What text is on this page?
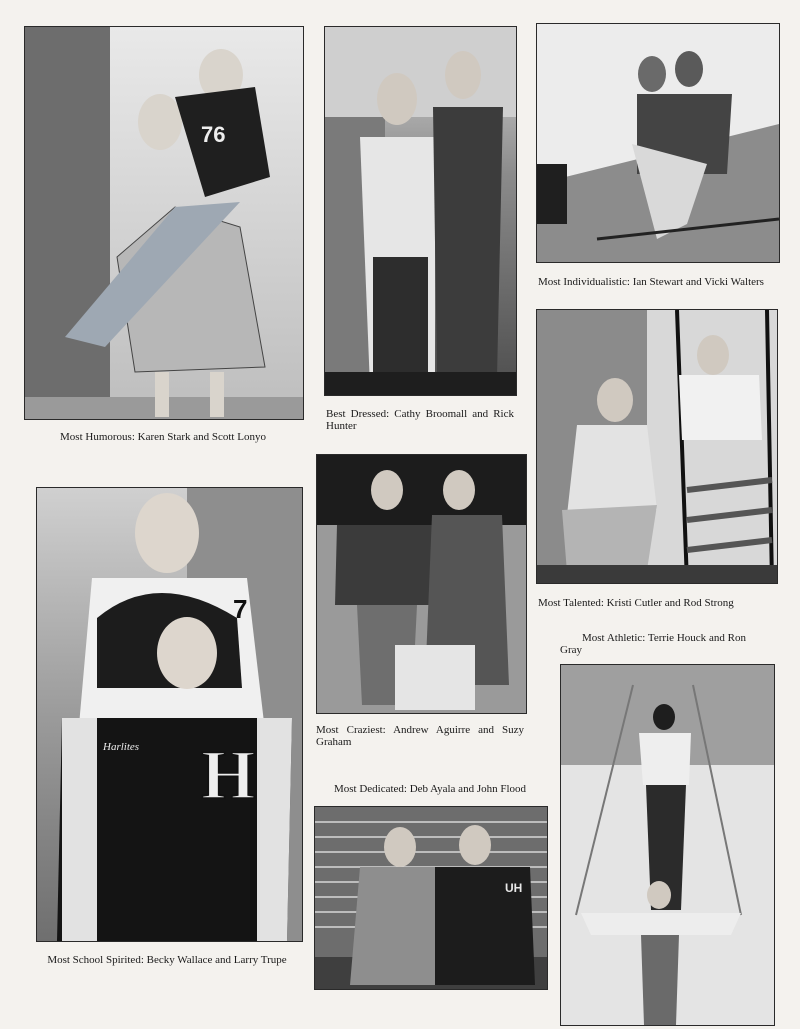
76
Most Humorous: Karen Stark and Scott Lonyo
Best Dressed: Cathy Broomall and Rick Hunter
Most Individualistic: Ian Stewart and Vicki Walters
Most Talented: Kristi Cutler and Rod Strong
H
7
Harlites
Most School Spirited: Becky Wallace and Larry Trupe
Most Craziest: Andrew Aguirre and Suzy Graham
Most Dedicated: Deb Ayala and John Flood
UH
Most Athletic: Terrie Houck and Ron Gray
